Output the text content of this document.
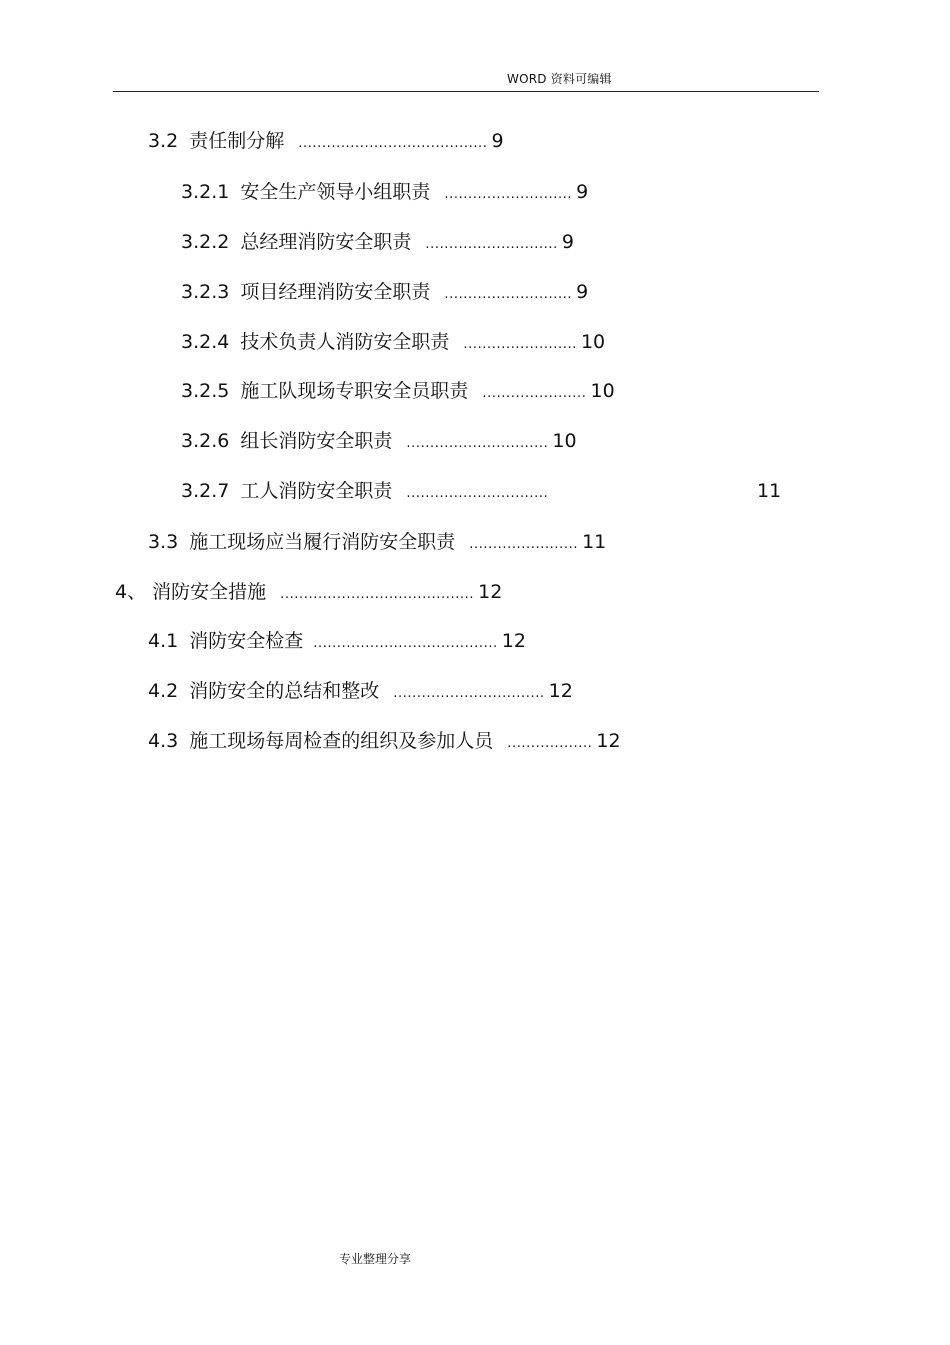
WORD 资料可编辑
3.2 责任制分解 ........................................ 9
3.2.1 安全生产领导小组职责 ........................... 9
3.2.2 总经理消防安全职责 ............................ 9
3.2.3 项目经理消防安全职责 ........................... 9
3.2.4 技术负责人消防安全职责 ........................ 10
3.2.5 施工队现场专职安全员职责 ...................... 10
3.2.6 组长消防安全职责 .............................. 10
3.2.7 工人消防安全职责 ..............................	11
3.3 施工现场应当履行消防安全职责 ....................... 11
4、 消防安全措施 ......................................... 12
4.1 消防安全检查 ....................................... 12
4.2 消防安全的总结和整改 ................................ 12
4.3 施工现场每周检查的组织及参加人员 .................. 12
专业整理分享
